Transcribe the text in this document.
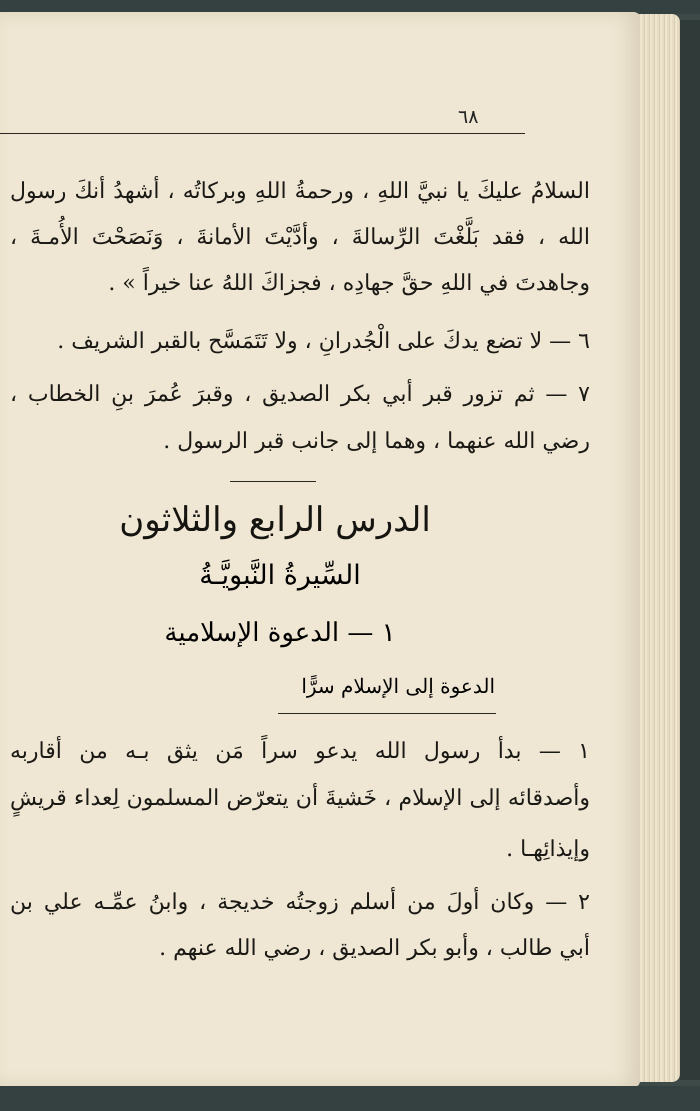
٦٨
السلامُ عليكَ يا نبيَّ اللهِ ، ورحمةُ اللهِ وبركاتُه ، أشهدُ أنكَ رسول
الله ، فقد بَلَّغْتَ الرِّسالةَ ، وأدَّيْتَ الأمانةَ ، وَنَصَحْتَ الأُمـةَ ،
وجاهدتَ في اللهِ حقَّ جهادِه ، فجزاكَ اللهُ عنا خيراً » .
٦ — لا تضع يدكَ على الْجُدرانِ ، ولا تَتَمَسَّح بالقبر الشريف .
٧ — ثم تزور قبر أبي بكر الصديق ، وقبرَ عُمرَ بنِ الخطاب ،
رضي الله عنهما ، وهما إلى جانب قبر الرسول .
الدرس الرابع والثلاثون
السِّيرةُ النَّبويَّـةُ
١ — الدعوة الإسلامية
الدعوة إلى الإسلام سرًّا
١ — بدأ رسول الله يدعو سراً مَن يثق بـه من أقاربه
وأصدقائه إلى الإسلام ، خَشيةَ أن يتعرّض المسلمون لِعداء قريشٍ
وإيذائِهـا .
٢ — وكان أولَ من أسلم زوجتُه خديجة ، وابنُ عمِّـه علي بن
أبي طالب ، وأبو بكر الصديق ، رضي الله عنهم .
